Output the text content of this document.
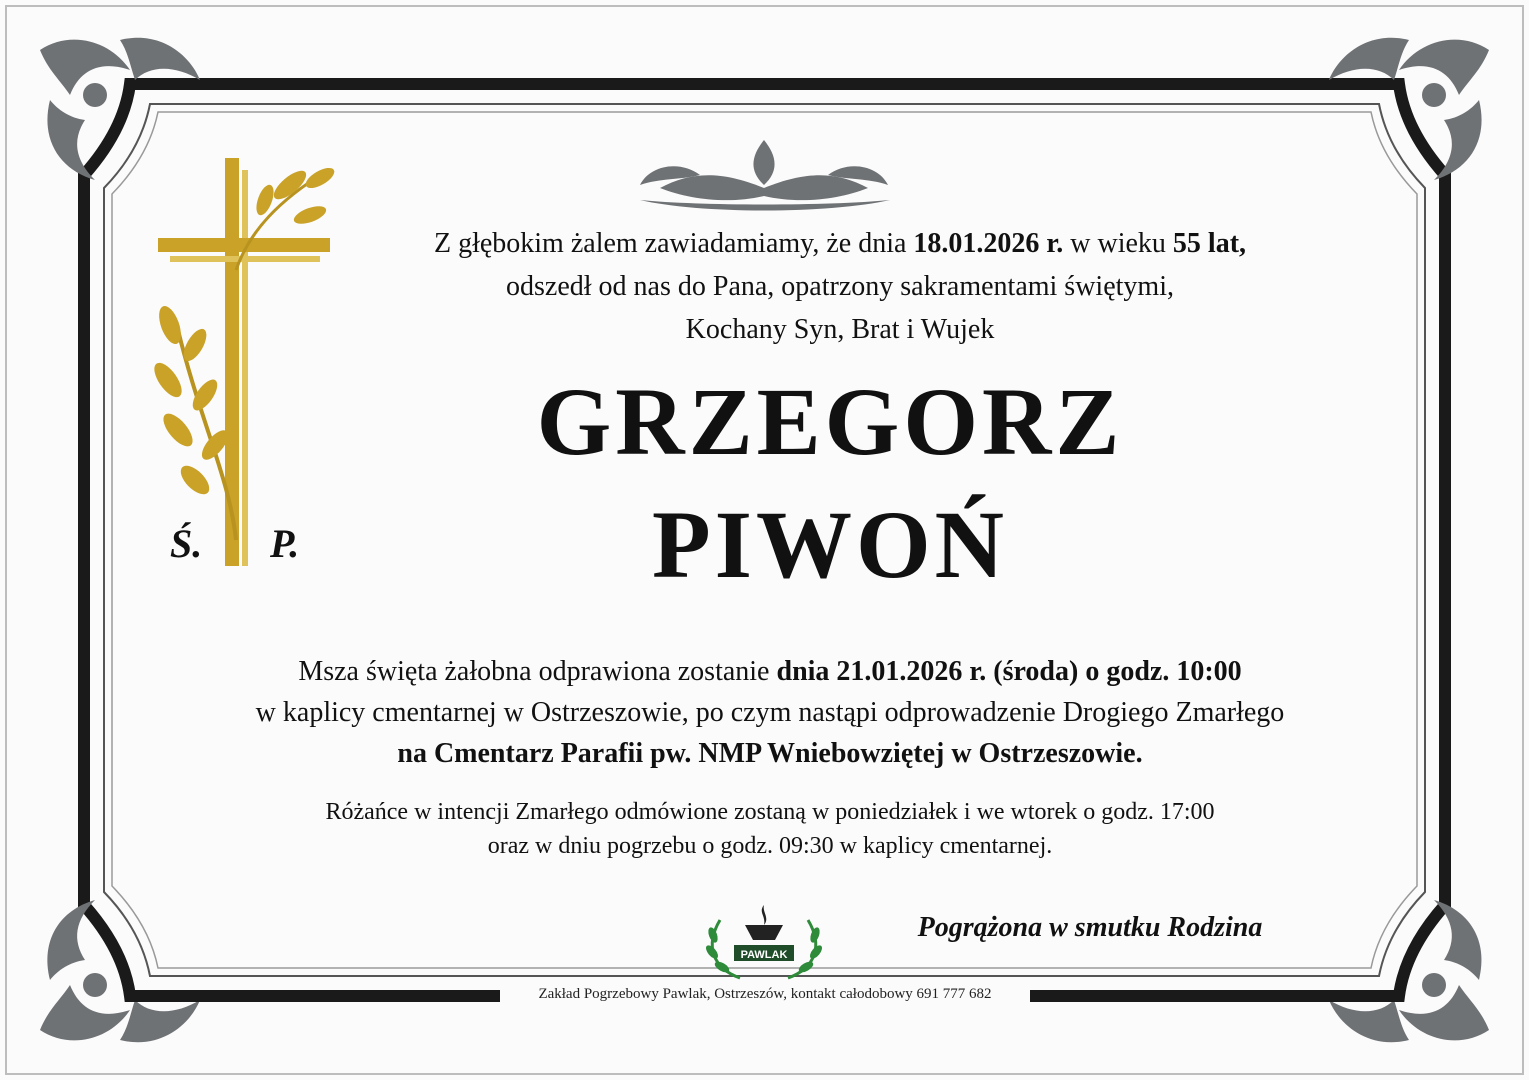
PAWLAK
Ś. P.
Z głębokim żalem zawiadamiamy, że dnia 18.01.2026 r. w wieku 55 lat,
odszedł od nas do Pana, opatrzony sakramentami świętymi,
Kochany Syn, Brat i Wujek
GRZEGORZ
PIWOŃ
Msza święta żałobna odprawiona zostanie dnia 21.01.2026 r. (środa) o godz. 10:00
w kaplicy cmentarnej w Ostrzeszowie, po czym nastąpi odprowadzenie Drogiego Zmarłego
na Cmentarz Parafii pw. NMP Wniebowziętej w Ostrzeszowie.
Różańce w intencji Zmarłego odmówione zostaną w poniedziałek i we wtorek o godz. 17:00
oraz w dniu pogrzebu o godz. 09:30 w kaplicy cmentarnej.
Pogrążona w smutku Rodzina
Zakład Pogrzebowy Pawlak, Ostrzeszów, kontakt całodobowy 691 777 682
